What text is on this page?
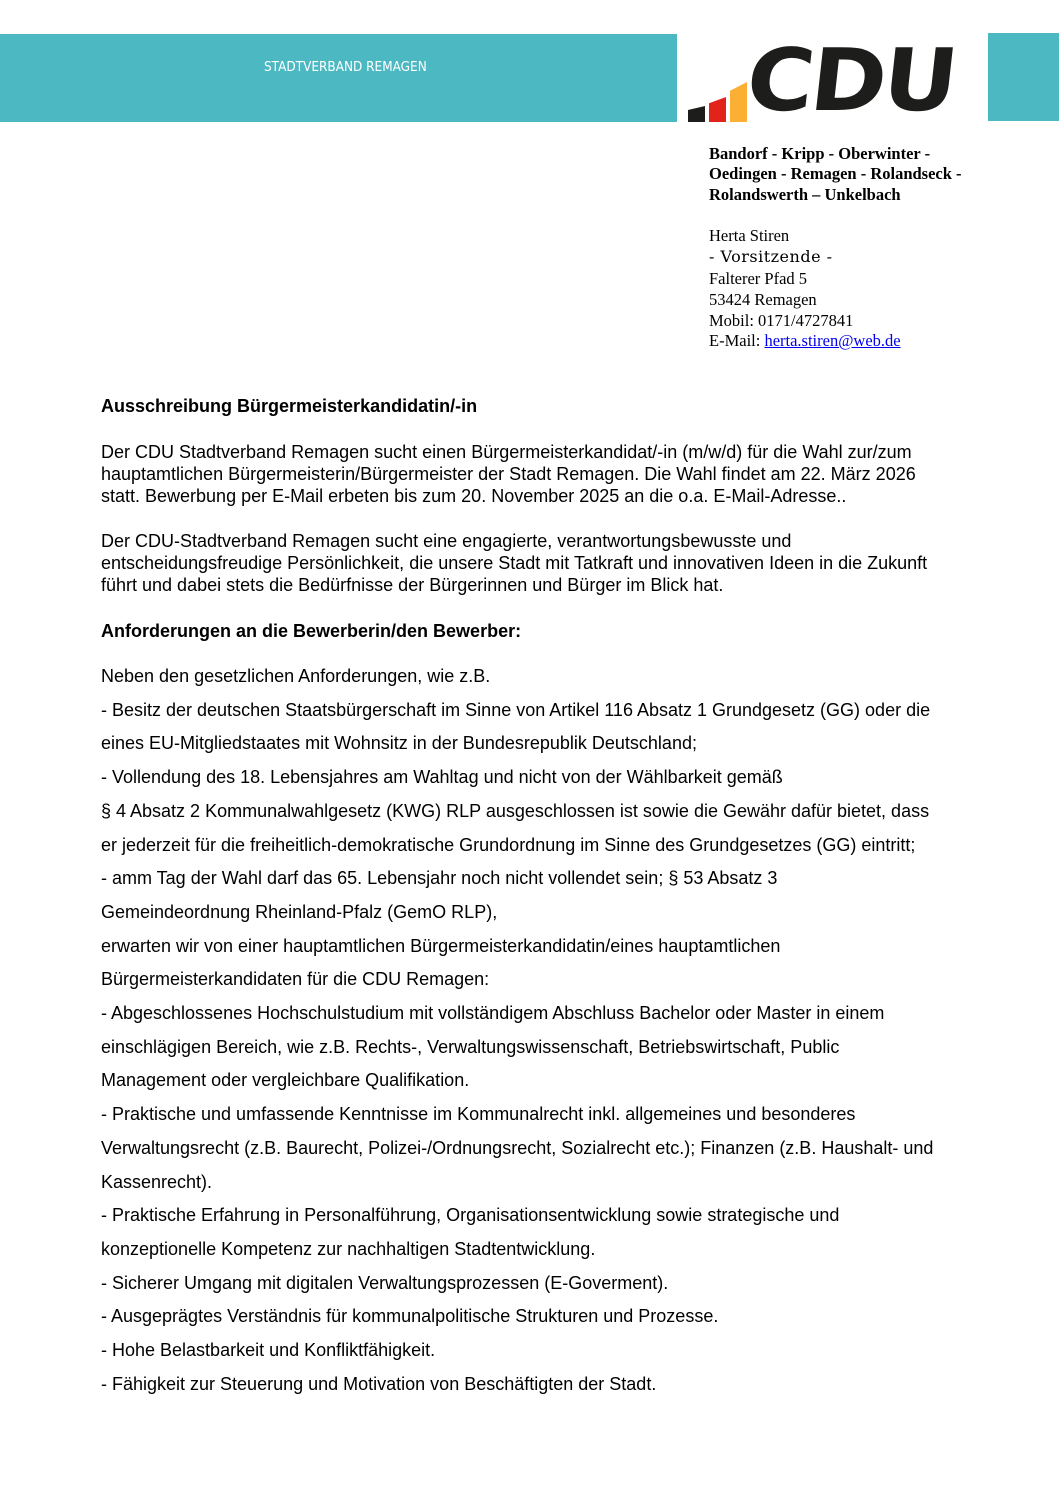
STADTVERBAND REMAGEN	CDU
Bandorf - Kripp - Oberwinter -
Oedingen - Remagen - Rolandseck -
Rolandswerth – Unkelbach
Herta Stiren
- Vorsitzende -
Falterer Pfad 5
53424 Remagen
Mobil: 0171/4727841
E-Mail: herta.stiren@web.de
Ausschreibung Bürgermeisterkandidatin/-in
Der CDU Stadtverband Remagen sucht einen Bürgermeisterkandidat/-in (m/w/d) für die Wahl zur/zum
hauptamtlichen Bürgermeisterin/Bürgermeister der Stadt Remagen. Die Wahl findet am 22. März 2026
statt. Bewerbung per E-Mail erbeten bis zum 20. November 2025 an die o.a. E-Mail-Adresse..
Der CDU-Stadtverband Remagen sucht eine engagierte, verantwortungsbewusste und
entscheidungsfreudige Persönlichkeit, die unsere Stadt mit Tatkraft und innovativen Ideen in die Zukunft
führt und dabei stets die Bedürfnisse der Bürgerinnen und Bürger im Blick hat.
Anforderungen an die Bewerberin/den Bewerber:
Neben den gesetzlichen Anforderungen, wie z.B.
- Besitz der deutschen Staatsbürgerschaft im Sinne von Artikel 116 Absatz 1 Grundgesetz (GG) oder die
eines EU-Mitgliedstaates mit Wohnsitz in der Bundesrepublik Deutschland;
- Vollendung des 18. Lebensjahres am Wahltag und nicht von der Wählbarkeit gemäß
§ 4 Absatz 2 Kommunalwahlgesetz (KWG) RLP ausgeschlossen ist sowie die Gewähr dafür bietet, dass
er jederzeit für die freiheitlich-demokratische Grundordnung im Sinne des Grundgesetzes (GG) eintritt;
- amm Tag der Wahl darf das 65. Lebensjahr noch nicht vollendet sein; § 53 Absatz 3
Gemeindeordnung Rheinland-Pfalz (GemO RLP),
erwarten wir von einer hauptamtlichen Bürgermeisterkandidatin/eines hauptamtlichen
Bürgermeisterkandidaten für die CDU Remagen:
- Abgeschlossenes Hochschulstudium mit vollständigem Abschluss Bachelor oder Master in einem
einschlägigen Bereich, wie z.B. Rechts-, Verwaltungswissenschaft, Betriebswirtschaft, Public
Management oder vergleichbare Qualifikation.
- Praktische und umfassende Kenntnisse im Kommunalrecht inkl. allgemeines und besonderes
Verwaltungsrecht (z.B. Baurecht, Polizei-/Ordnungsrecht, Sozialrecht etc.); Finanzen (z.B. Haushalt- und
Kassenrecht).
- Praktische Erfahrung in Personalführung, Organisationsentwicklung sowie strategische und
konzeptionelle Kompetenz zur nachhaltigen Stadtentwicklung.
- Sicherer Umgang mit digitalen Verwaltungsprozessen (E-Goverment).
- Ausgeprägtes Verständnis für kommunalpolitische Strukturen und Prozesse.
- Hohe Belastbarkeit und Konfliktfähigkeit.
- Fähigkeit zur Steuerung und Motivation von Beschäftigten der Stadt.
